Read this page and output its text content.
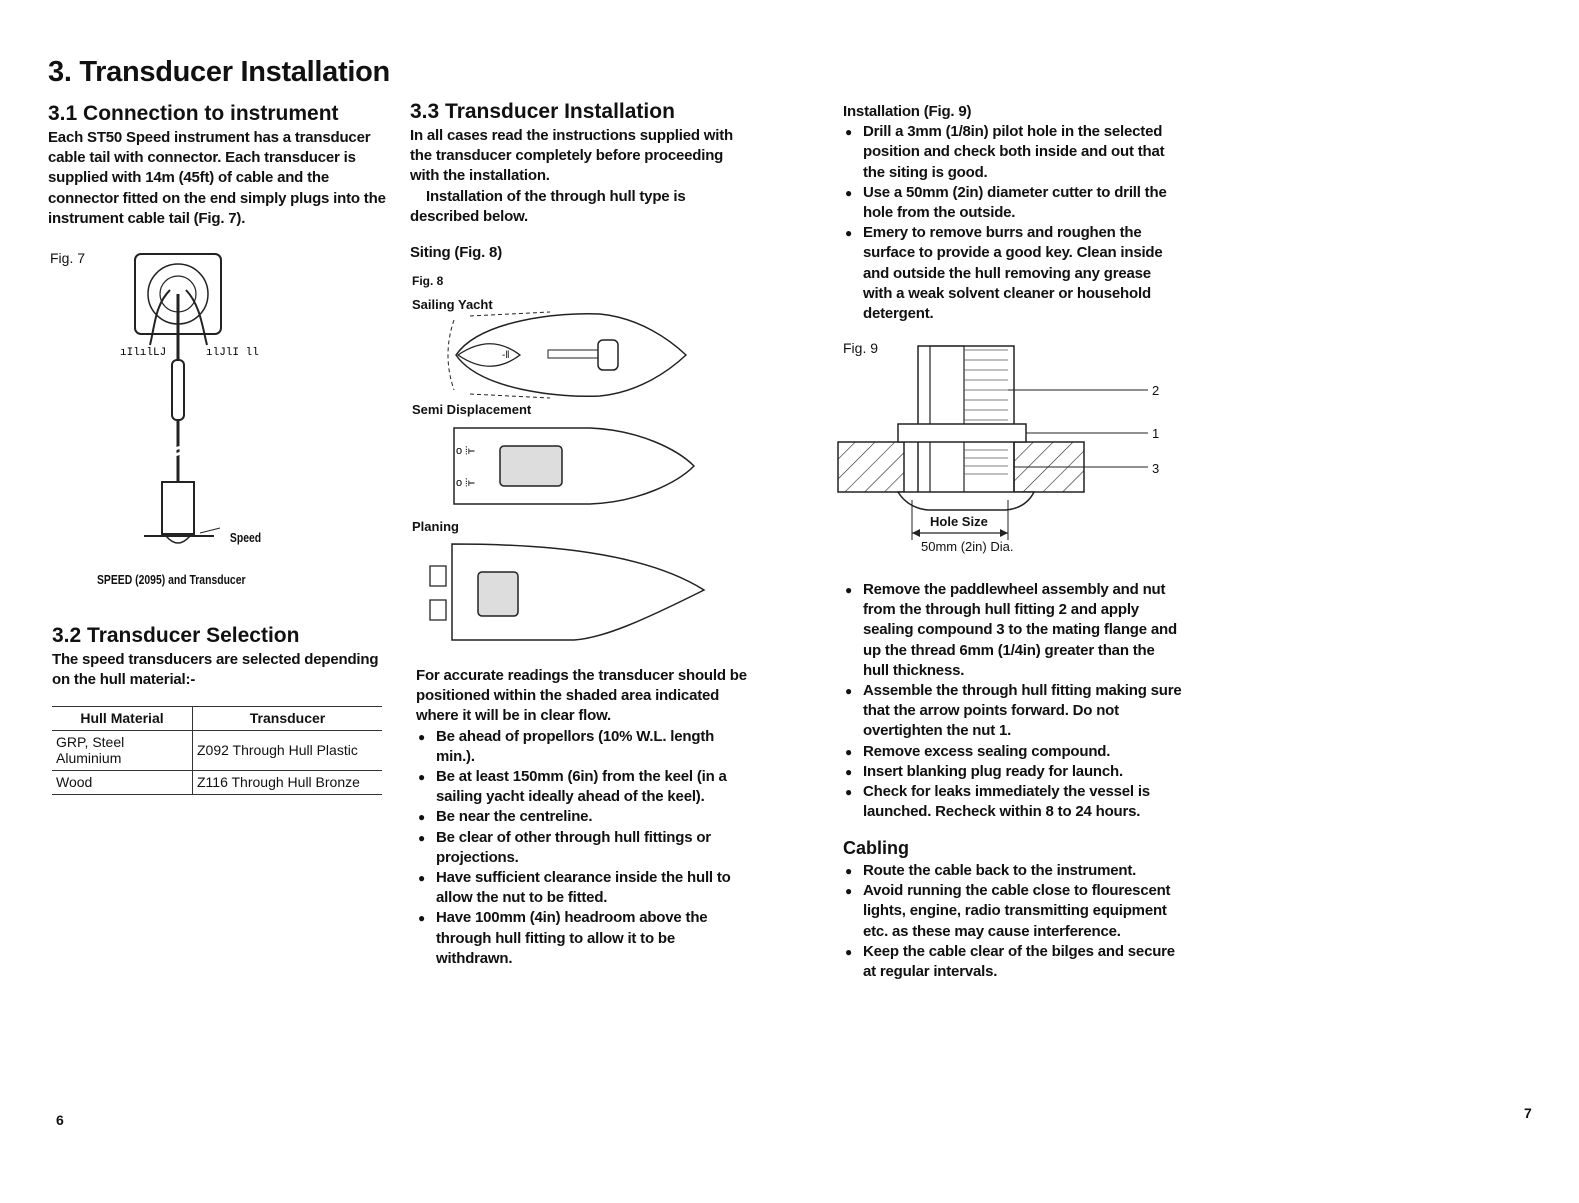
3. Transducer Installation
3.1 Connection to instrument

Each ST50 Speed instrument has a transducer

cable tail with connector. Each transducer is

supplied with 14m (45ft) of cable and the

connector fitted on the end simply plugs into the

instrument cable tail (Fig. 7).

Fig. 7
ıIlılLJ	ılJlI ll
Speed
SPEED (2095) and Transducer
3.2 Transducer Selection

The speed transducers are selected depending

on the hull material:-

Hull Material	Transducer
GRP, Steel Aluminium	Z092 Through Hull Plastic
Wood	Z116 Through Hull Bronze
6
3.3 Transducer Installation

In all cases read the instructions supplied with

the transducer completely before proceeding

with the installation.

Installation of the through hull type is

described below.

Siting (Fig. 8)
Fig. 8
Sailing Yacht
-ǁ
Semi Displacement
o ⦙⊢
o ⦙⊢
Planing

For accurate readings the transducer should be

positioned within the shaded area indicated

where it will be in clear flow.

● Be ahead of propellors (10% W.L. length
min.).
● Be at least 150mm (6in) from the keel (in a
sailing yacht ideally ahead of the keel).
● Be near the centreline.
● Be clear of other through hull fittings or
projections.
● Have sufficient clearance inside the hull to
allow the nut to be fitted.
● Have 100mm (4in) headroom above the
through hull fitting to allow it to be
withdrawn.

Installation (Fig. 9)

● Drill a 3mm (1/8in) pilot hole in the selected
position and check both inside and out that
the siting is good.
● Use a 50mm (2in) diameter cutter to drill the
hole from the outside.
● Emery to remove burrs and roughen the
surface to provide a good key. Clean inside
and outside the hull removing any grease
with a weak solvent cleaner or household
detergent.
Fig. 9
2
1
3
Hole Size
50mm (2in) Dia.
● Remove the paddlewheel assembly and nut
from the through hull fitting 2 and apply
sealing compound 3 to the mating flange and
up the thread 6mm (1/4in) greater than the
hull thickness.
● Assemble the through hull fitting making sure
that the arrow points forward. Do not
overtighten the nut 1.
● Remove excess sealing compound.
● Insert blanking plug ready for launch.
● Check for leaks immediately the vessel is
launched. Recheck within 8 to 24 hours.
Cabling
● Route the cable back to the instrument.
● Avoid running the cable close to flourescent
lights, engine, radio transmitting equipment
etc. as these may cause interference.
● Keep the cable clear of the bilges and secure
at regular intervals.
7
